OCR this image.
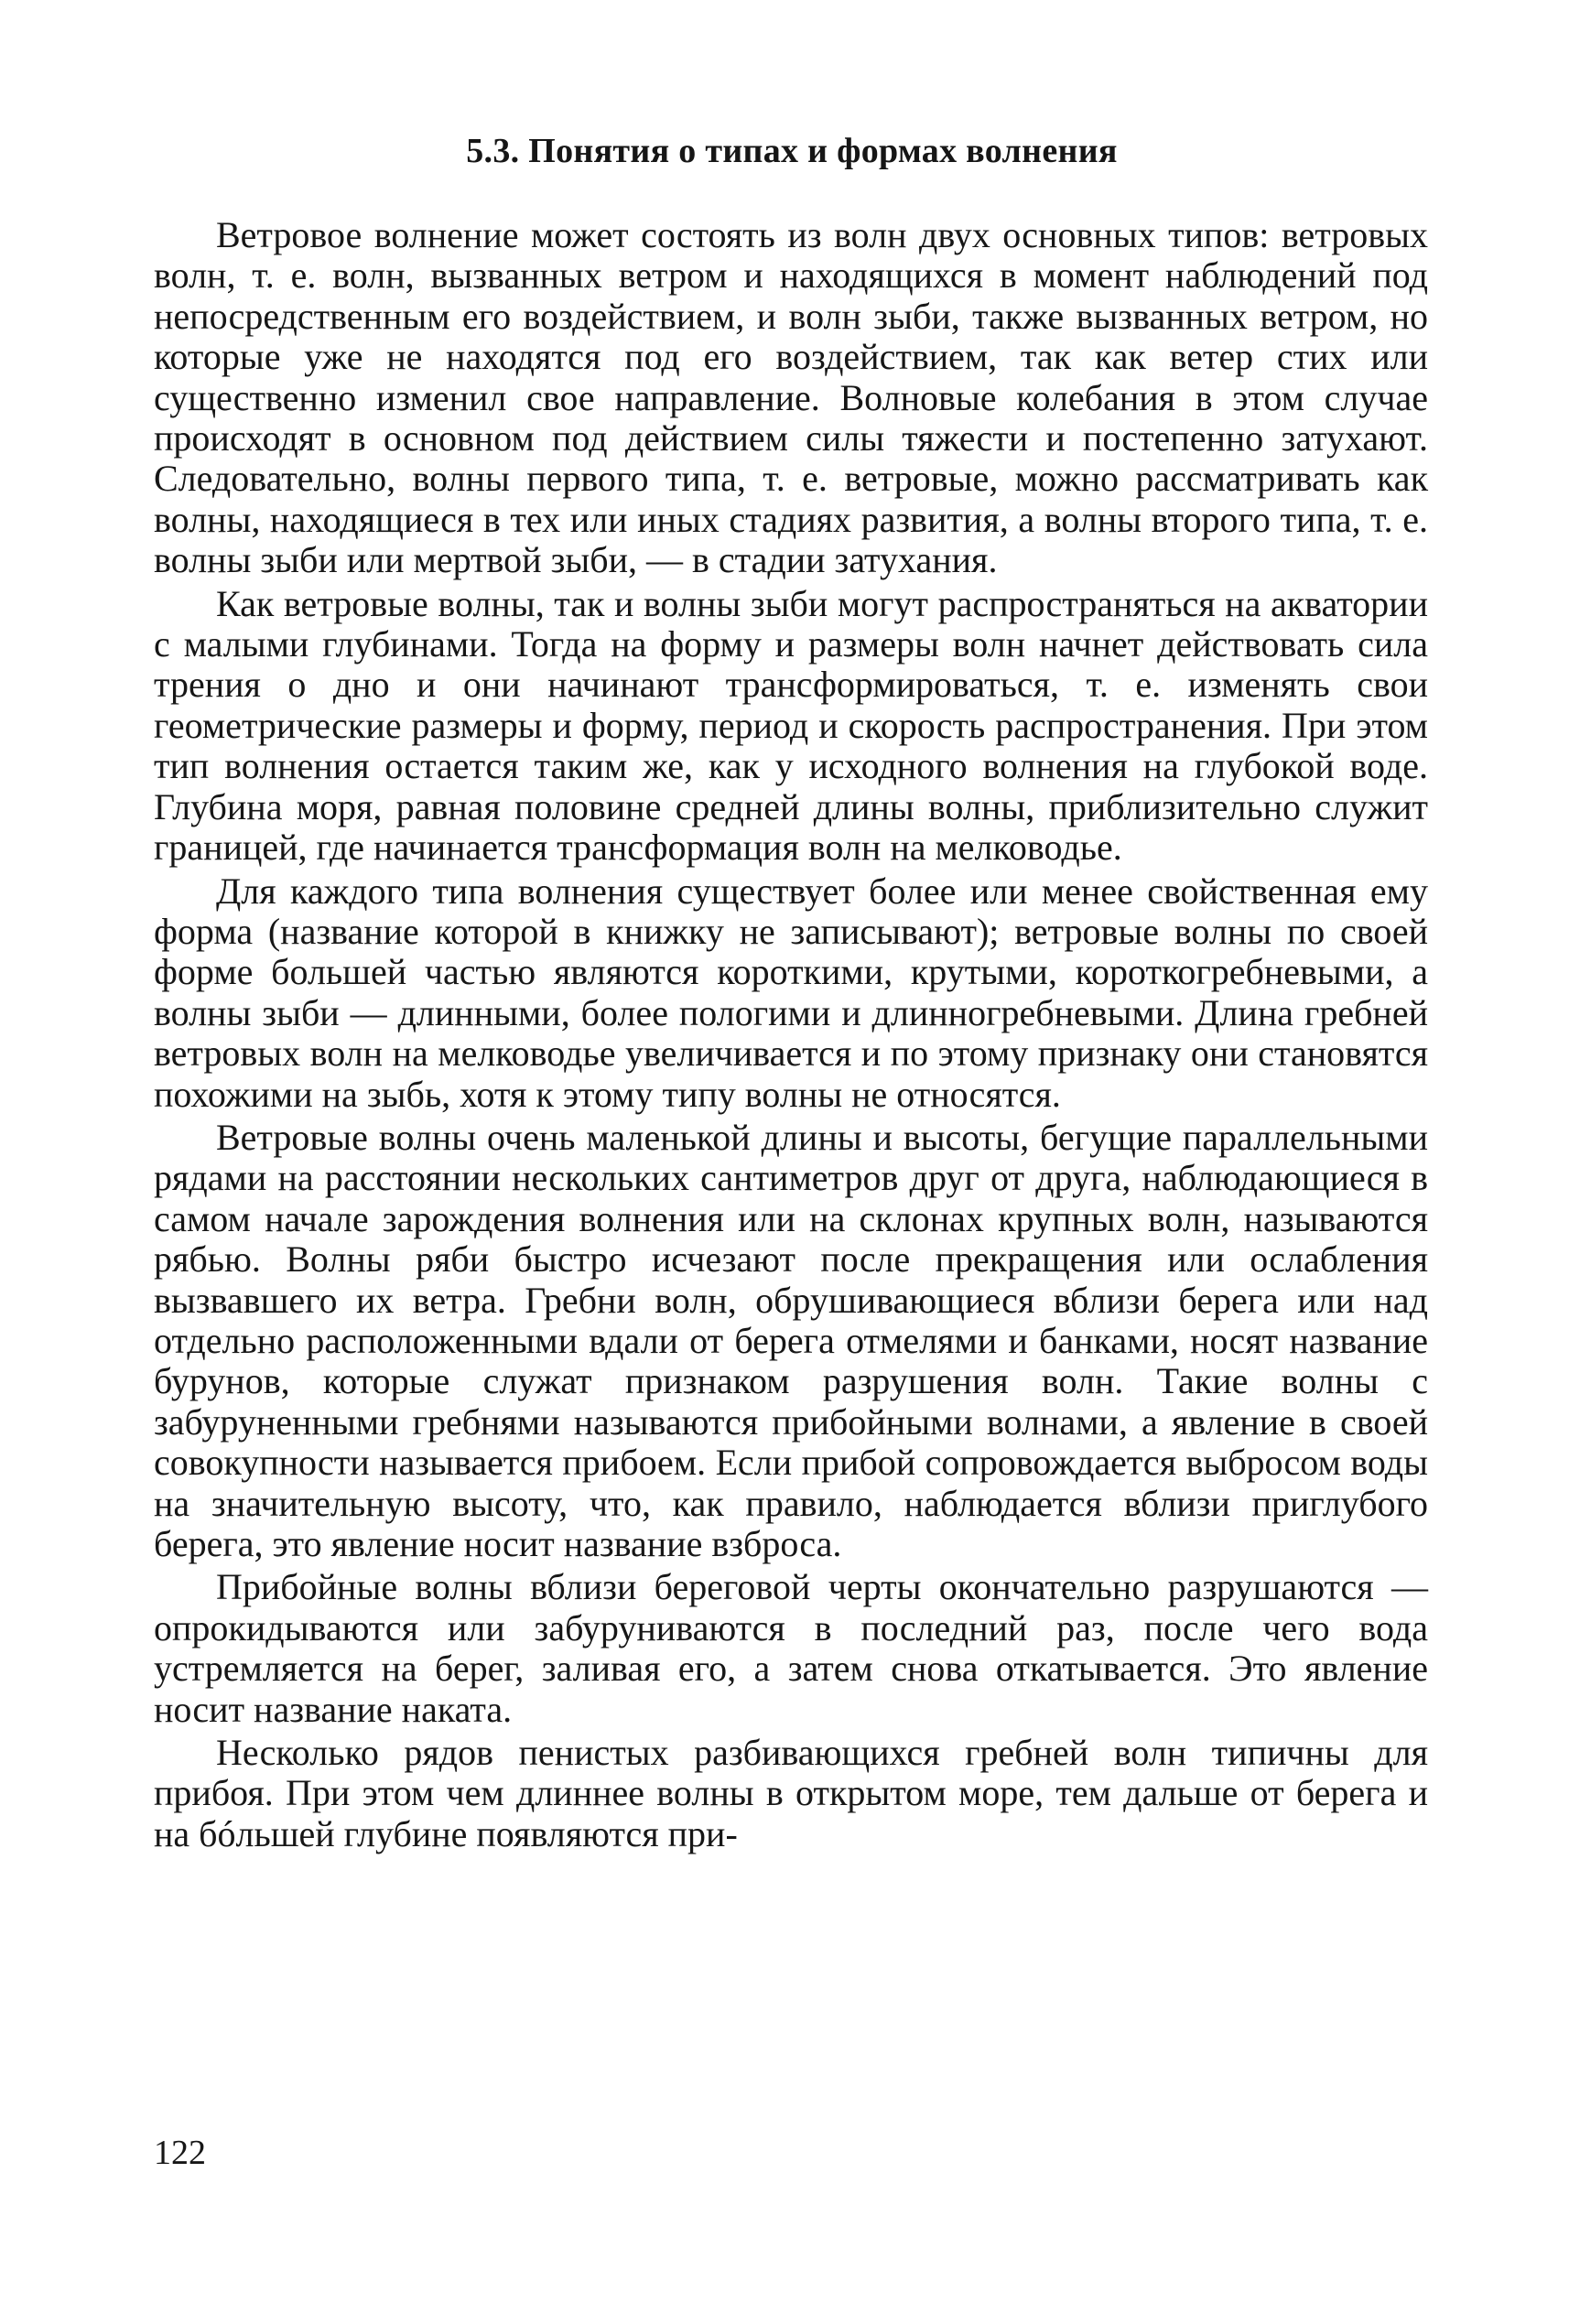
5.3. Понятия о типах и формах волнения

Ветровое волнение может состоять из волн двух основных типов: ветровых волн, т. е. волн, вызванных ветром и находящихся в момент наблюдений под непосредственным его воздействием, и волн зыби, также вызванных ветром, но которые уже не находятся под его воздействием, так как ветер стих или существенно изменил свое направление. Волновые колебания в этом случае происходят в основном под действием силы тяжести и постепенно затухают. Следовательно, волны первого типа, т. е. ветровые, можно рассматривать как волны, находящиеся в тех или иных стадиях развития, а волны второго типа, т. е. волны зыби или мертвой зыби, — в стадии затухания.

Как ветровые волны, так и волны зыби могут распространяться на акватории с малыми глубинами. Тогда на форму и размеры волн начнет действовать сила трения о дно и они начинают трансформироваться, т. е. изменять свои геометрические размеры и форму, период и скорость распространения. При этом тип волнения остается таким же, как у исходного волнения на глубокой воде. Глубина моря, равная половине средней длины волны, приблизительно служит границей, где начинается трансформация волн на мелководье.

Для каждого типа волнения существует более или менее свойственная ему форма (название которой в книжку не записывают); ветровые волны по своей форме большей частью являются короткими, крутыми, короткогребневыми, а волны зыби — длинными, более пологими и длинногребневыми. Длина гребней ветровых волн на мелководье увеличивается и по этому признаку они становятся похожими на зыбь, хотя к этому типу волны не относятся.

Ветровые волны очень маленькой длины и высоты, бегущие параллельными рядами на расстоянии нескольких сантиметров друг от друга, наблюдающиеся в самом начале зарождения волнения или на склонах крупных волн, называются рябью. Волны ряби быстро исчезают после прекращения или ослабления вызвавшего их ветра. Гребни волн, обрушивающиеся вблизи берега или над отдельно расположенными вдали от берега отмелями и банками, носят название бурунов, которые служат признаком разрушения волн. Такие волны с забуруненными гребнями называются прибойными волнами, а явление в своей совокупности называется прибоем. Если прибой сопровождается выбросом воды на значительную высоту, что, как правило, наблюдается вблизи приглубого берега, это явление носит название взброса.

Прибойные волны вблизи береговой черты окончательно разрушаются — опрокидываются или забуруниваются в последний раз, после чего вода устремляется на берег, заливая его, а затем снова откатывается. Это явление носит название наката.

Несколько рядов пенистых разбивающихся гребней волн типичны для прибоя. При этом чем длиннее волны в открытом море, тем дальше от берега и на бóльшей глубине появляются при-

122
